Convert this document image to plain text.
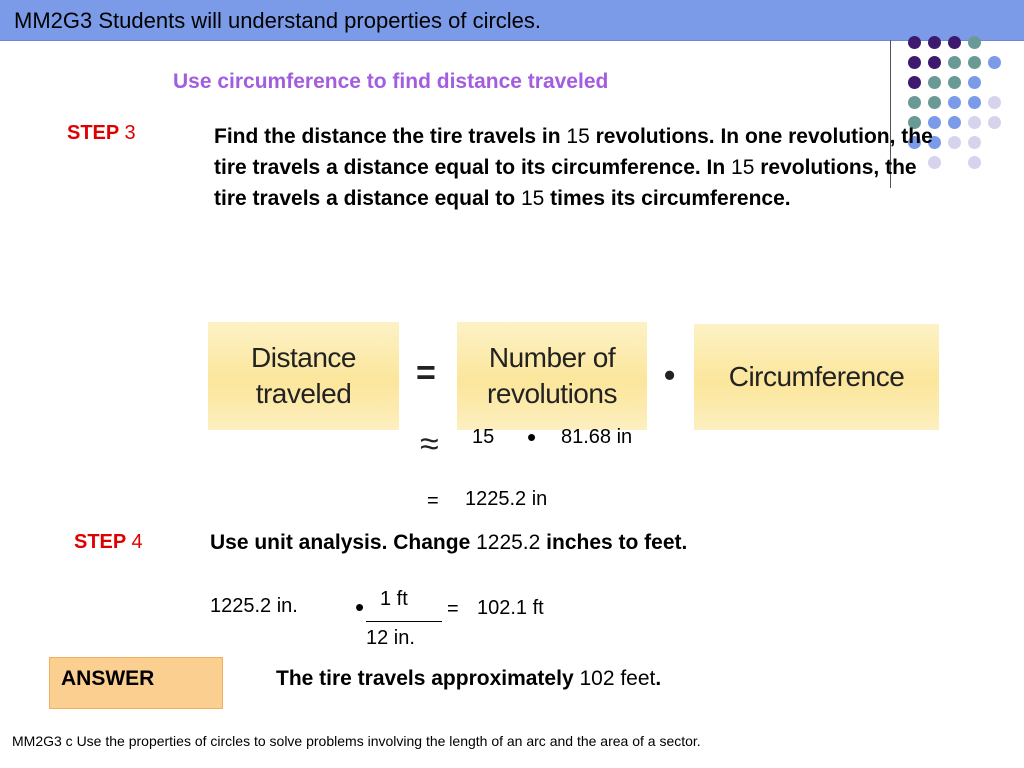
MM2G3 Students will understand properties of circles.
Use circumference to find distance traveled
STEP 3	Find the distance the tire travels in 15 revolutions. In one revolution, the tire travels a distance equal to its circumference. In 15 revolutions, the tire travels a distance equal to 15 times its circumference.
Distance traveled
=	Number of revolutions
• Circumference
≈ 15 • 81.68 in
= 1225.2 in
STEP 4	Use unit analysis. Change 1225.2 inches to feet.
1225.2 in. • 1 ft
12 in.
= 102.1 ft
ANSWER	The tire travels approximately 102 feet.
MM2G3 c Use the properties of circles to solve problems involving the length of an arc and the area of a sector.
